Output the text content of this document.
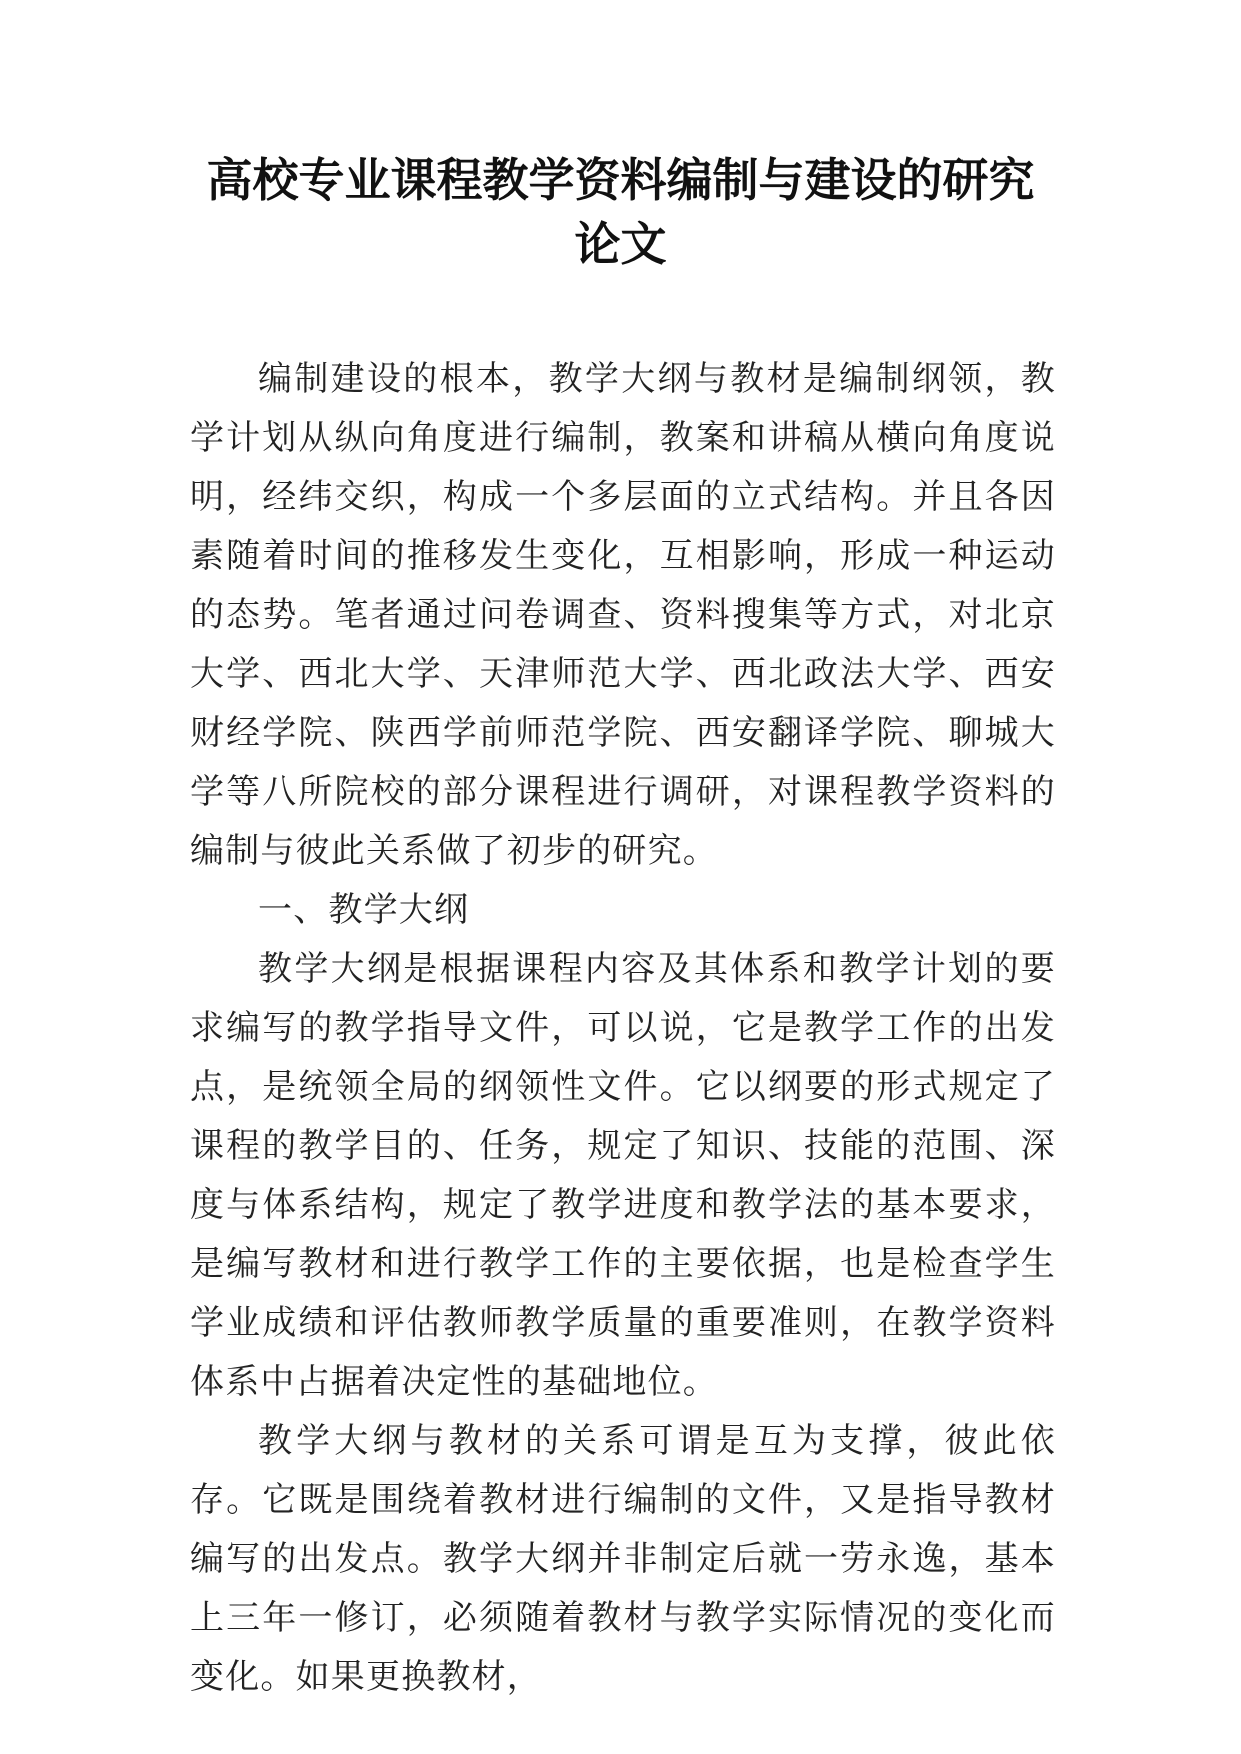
高校专业课程教学资料编制与建设的研究
论文

编制建设的根本，教学大纲与教材是编制纲领，教学计划从纵向角度进行编制，教案和讲稿从横向角度说明，经纬交织，构成一个多层面的立式结构。并且各因素随着时间的推移发生变化，互相影响，形成一种运动的态势。笔者通过问卷调查、资料搜集等方式，对北京大学、西北大学、天津师范大学、西北政法大学、西安财经学院、陕西学前师范学院、西安翻译学院、聊城大学等八所院校的部分课程进行调研，对课程教学资料的编制与彼此关系做了初步的研究。

一、教学大纲

教学大纲是根据课程内容及其体系和教学计划的要求编写的教学指导文件，可以说，它是教学工作的出发点，是统领全局的纲领性文件。它以纲要的形式规定了课程的教学目的、任务，规定了知识、技能的范围、深度与体系结构，规定了教学进度和教学法的基本要求，是编写教材和进行教学工作的主要依据，也是检查学生学业成绩和评估教师教学质量的重要准则，在教学资料体系中占据着决定性的基础地位。

教学大纲与教材的关系可谓是互为支撑，彼此依存。它既是围绕着教材进行编制的文件，又是指导教材编写的出发点。教学大纲并非制定后就一劳永逸，基本上三年一修订，必须随着教材与教学实际情况的变化而变化。如果更换教材，
